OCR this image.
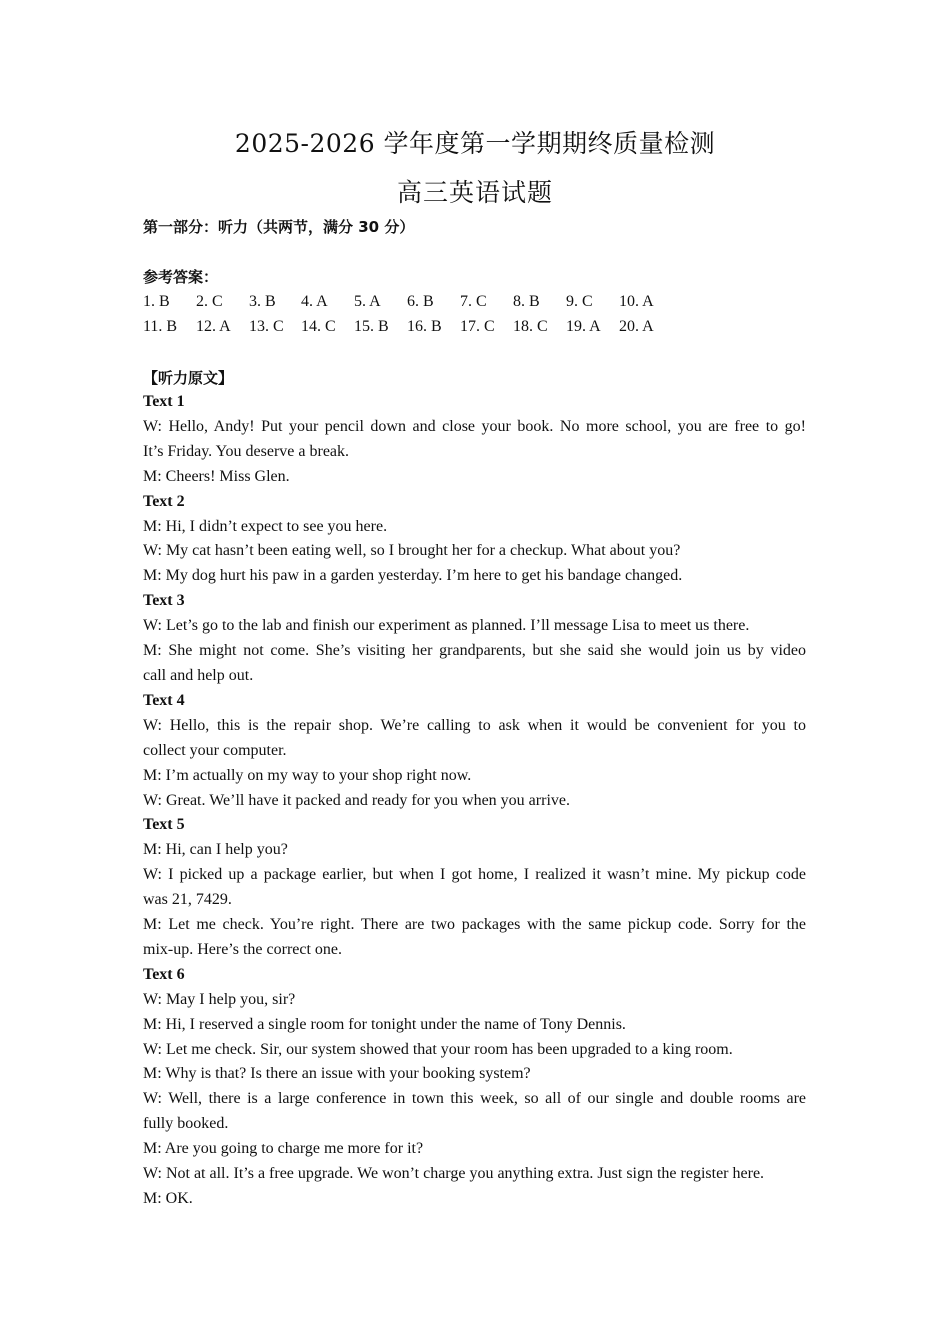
2025-2026 学年度第一学期期终质量检测
高三英语试题
第一部分：听力（共两节，满分 30 分）
参考答案：
1. B 2. C 3. B 4. A 5. A 6. B 7. C 8. B 9. C 10. A
11. B 12. A 13. C 14. C 15. B 16. B 17. C 18. C 19. A 20. A
【听力原文】
Text 1
W: Hello, Andy! Put your pencil down and close your book. No more school, you are free to go!
It’s Friday. You deserve a break.
M: Cheers! Miss Glen.
Text 2
M: Hi, I didn’t expect to see you here.
W: My cat hasn’t been eating well, so I brought her for a checkup. What about you?
M: My dog hurt his paw in a garden yesterday. I’m here to get his bandage changed.
Text 3
W: Let’s go to the lab and finish our experiment as planned. I’ll message Lisa to meet us there.
M: She might not come. She’s visiting her grandparents, but she said she would join us by video
call and help out.
Text 4
W: Hello, this is the repair shop. We’re calling to ask when it would be convenient for you to
collect your computer.
M: I’m actually on my way to your shop right now.
W: Great. We’ll have it packed and ready for you when you arrive.
Text 5
M: Hi, can I help you?
W: I picked up a package earlier, but when I got home, I realized it wasn’t mine. My pickup code
was 21, 7429.
M: Let me check. You’re right. There are two packages with the same pickup code. Sorry for the
mix-up. Here’s the correct one.
Text 6
W: May I help you, sir?
M: Hi, I reserved a single room for tonight under the name of Tony Dennis.
W: Let me check. Sir, our system showed that your room has been upgraded to a king room.
M: Why is that? Is there an issue with your booking system?
W: Well, there is a large conference in town this week, so all of our single and double rooms are
fully booked.
M: Are you going to charge me more for it?
W: Not at all. It’s a free upgrade. We won’t charge you anything extra. Just sign the register here.
M: OK.
